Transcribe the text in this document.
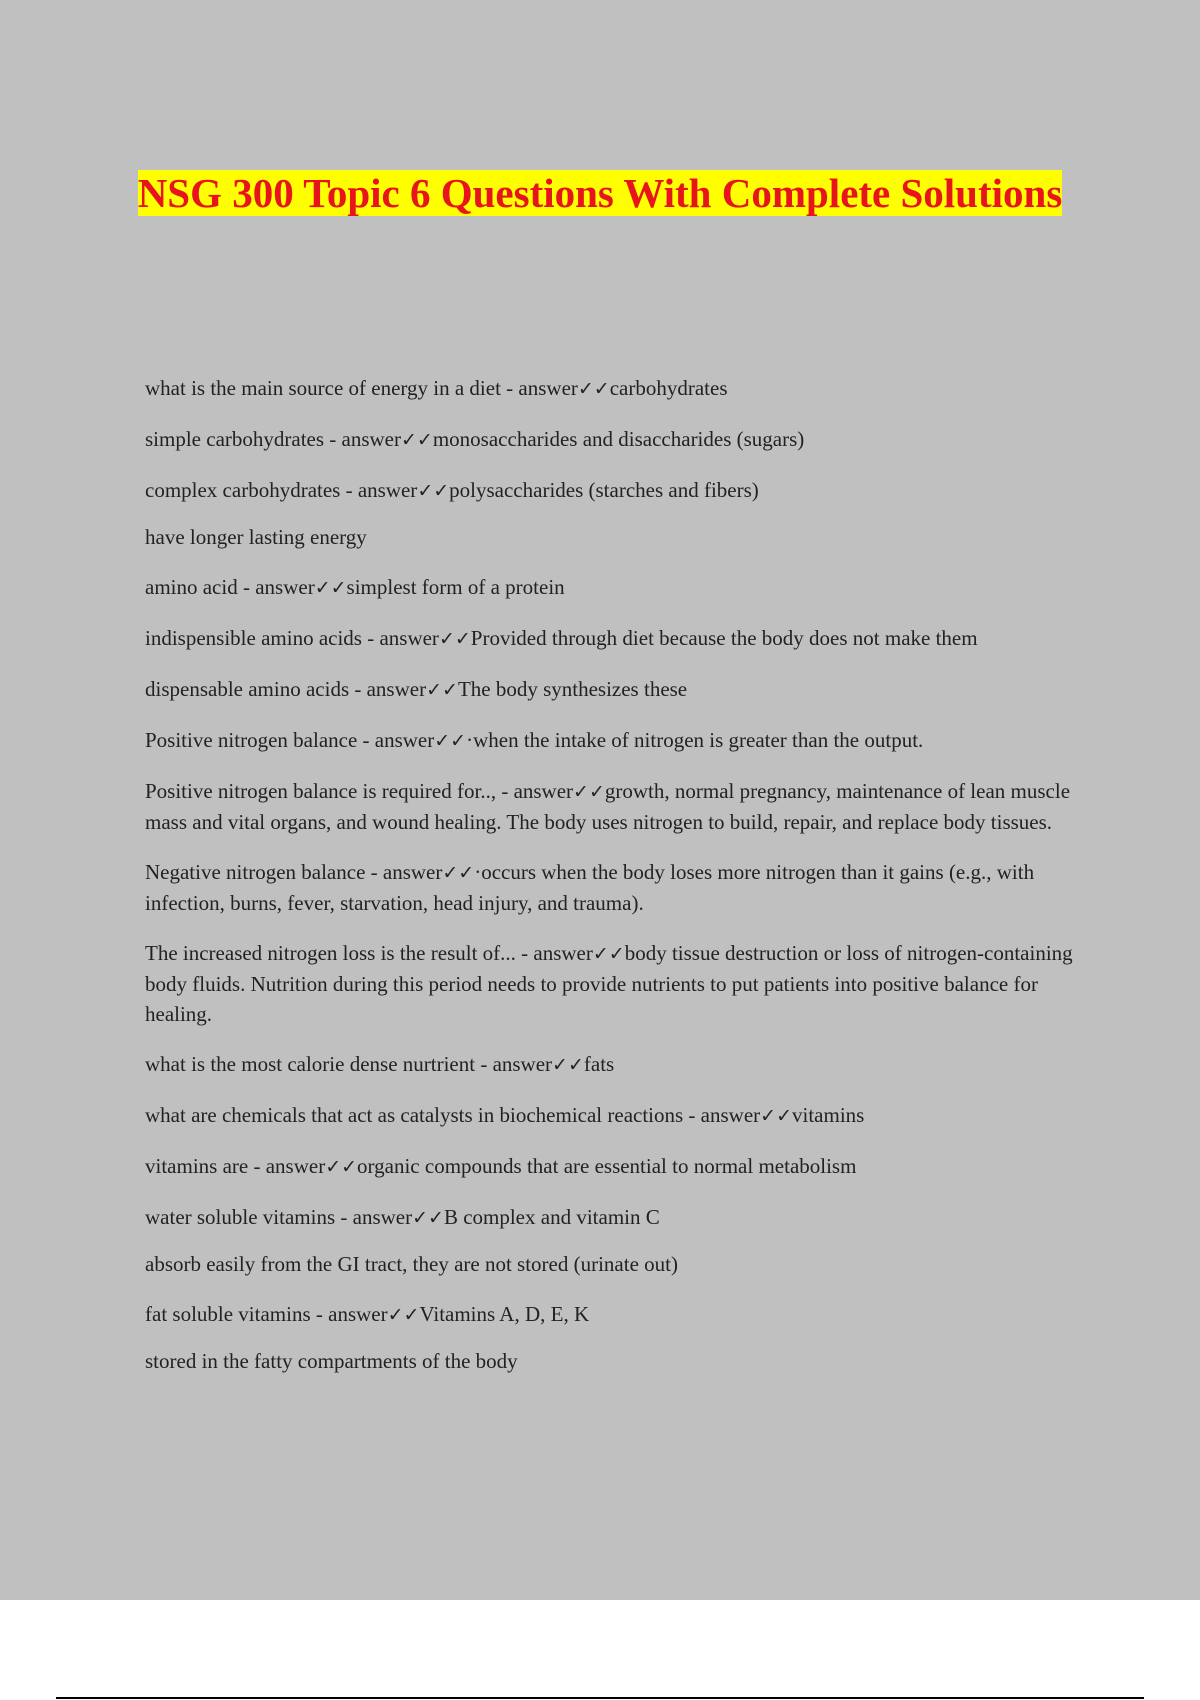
NSG 300 Topic 6 Questions With Complete Solutions
what is the main source of energy in a diet - answer✓✓carbohydrates
simple carbohydrates - answer✓✓monosaccharides and disaccharides (sugars)
complex carbohydrates - answer✓✓polysaccharides (starches and fibers)
have longer lasting energy
amino acid - answer✓✓simplest form of a protein
indispensible amino acids - answer✓✓Provided through diet because the body does not make them
dispensable amino acids - answer✓✓The body synthesizes these
Positive nitrogen balance - answer✓✓·when the intake of nitrogen is greater than the output.
Positive nitrogen balance is required for.., - answer✓✓growth, normal pregnancy, maintenance of lean muscle mass and vital organs, and wound healing. The body uses nitrogen to build, repair, and replace body tissues.
Negative nitrogen balance - answer✓✓·occurs when the body loses more nitrogen than it gains (e.g., with infection, burns, fever, starvation, head injury, and trauma).
The increased nitrogen loss is the result of... - answer✓✓body tissue destruction or loss of nitrogen-containing body fluids. Nutrition during this period needs to provide nutrients to put patients into positive balance for healing.
what is the most calorie dense nurtrient - answer✓✓fats
what are chemicals that act as catalysts in biochemical reactions - answer✓✓vitamins
vitamins are - answer✓✓organic compounds that are essential to normal metabolism
water soluble vitamins - answer✓✓B complex and vitamin C
absorb easily from the GI tract, they are not stored (urinate out)
fat soluble vitamins - answer✓✓Vitamins A, D, E, K
stored in the fatty compartments of the body
